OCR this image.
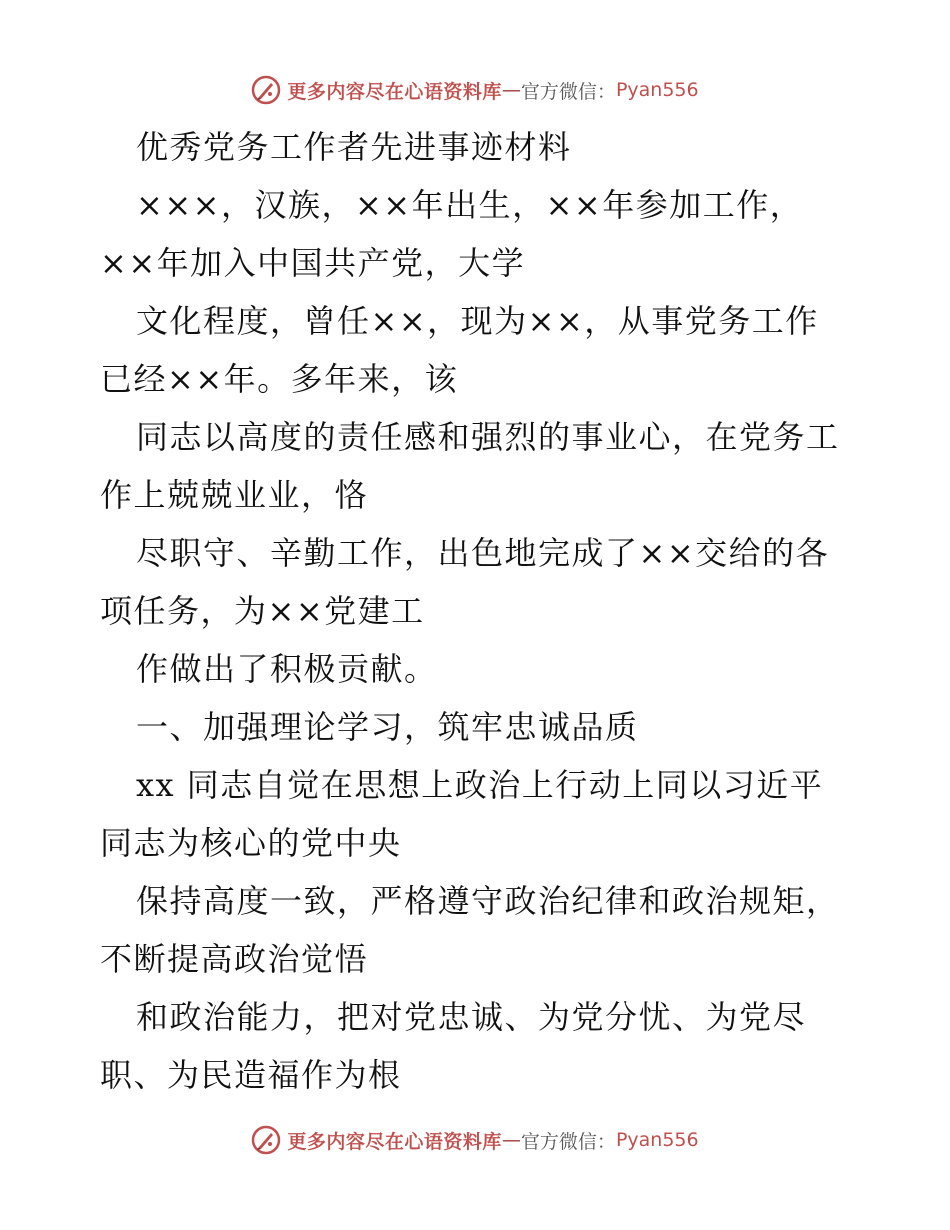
更多内容尽在心语资料库 — 官方微信： Pyan556
优秀党务工作者先进事迹材料
×××，汉族，××年出生，××年参加工作，
××年加入中国共产党，大学
文化程度，曾任××，现为××，从事党务工作
已经××年。多年来，该
同志以高度的责任感和强烈的事业心，在党务工
作上兢兢业业，恪
尽职守、辛勤工作，出色地完成了××交给的各
项任务，为××党建工
作做出了积极贡献。
一、加强理论学习，筑牢忠诚品质
xx 同志自觉在思想上政治上行动上同以习近平
同志为核心的党中央
保持高度一致，严格遵守政治纪律和政治规矩，
不断提高政治觉悟
和政治能力，把对党忠诚、为党分忧、为党尽
职、为民造福作为根
更多内容尽在心语资料库 — 官方微信： Pyan556
